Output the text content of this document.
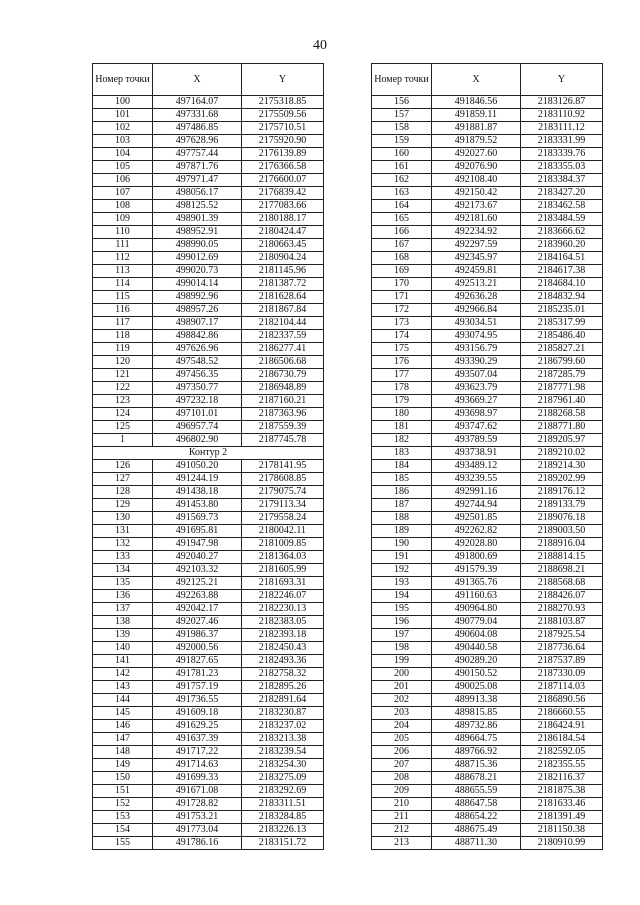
40
Номер точки	X	Y
100	497164.07	2175318.85
101	497331.68	2175509.56
102	497486.85	2175710.51
103	497628.96	2175920.90
104	497757.44	2176139.89
105	497871.76	2176366.58
106	497971.47	2176600.07
107	498056.17	2176839.42
108	498125.52	2177083.66
109	498901.39	2180188.17
110	498952.91	2180424.47
111	498990.05	2180663.45
112	499012.69	2180904.24
113	499020.73	2181145.96
114	499014.14	2181387.72
115	498992.96	2181628.64
116	498957.26	2181867.84
117	498907.17	2182104.44
118	498842.86	2182337.59
119	497626.96	2186277.41
120	497548.52	2186506.68
121	497456.35	2186730.79
122	497350.77	2186948.89
123	497232.18	2187160.21
124	497101.01	2187363.96
125	496957.74	2187559.39
1	496802.90	2187745.78
Контур 2		
126	491050.20	2178141.95
127	491244.19	2178608.85
128	491438.18	2179075.74
129	491453.80	2179113.34
130	491569.73	2179558.24
131	491695.81	2180042.11
132	491947.98	2181009.85
133	492040.27	2181364.03
134	492103.32	2181605.99
135	492125.21	2181693.31
136	492263.88	2182246.07
137	492042.17	2182230.13
138	492027.46	2182383.05
139	491986.37	2182393.18
140	492000.56	2182450.43
141	491827.65	2182493.36
142	491781.23	2182758.32
143	491757.19	2182895.26
144	491736.55	2182891.64
145	491609.18	2183230.87
146	491629.25	2183237.02
147	491637.39	2183213.38
148	491717.22	2183239.54
149	491714.63	2183254.30
150	491699.33	2183275.09
151	491671.08	2183292.69
152	491728.82	2183311.51
153	491753.21	2183284.85
154	491773.04	2183226.13
155	491786.16	2183151.72
Номер точки	X	Y
156	491846.56	2183126.87
157	491859.11	2183110.92
158	491881.87	2183111.12
159	491879.52	2183331.99
160	492027.60	2183339.76
161	492076.90	2183355.03
162	492108.40	2183384.37
163	492150.42	2183427.20
164	492173.67	2183462.58
165	492181.60	2183484.59
166	492234.92	2183666.62
167	492297.59	2183960.20
168	492345.97	2184164.51
169	492459.81	2184617.38
170	492513.21	2184684.10
171	492636.28	2184832.94
172	492966.84	2185235.01
173	493034.51	2185317.99
174	493074.95	2185486.40
175	493156.79	2185827.21
176	493390.29	2186799.60
177	493507.04	2187285.79
178	493623.79	2187771.98
179	493669.27	2187961.40
180	493698.97	2188268.58
181	493747.62	2188771.80
182	493789.59	2189205.97
183	493738.91	2189210.02
184	493489.12	2189214.30
185	493239.55	2189202.99
186	492991.16	2189176.12
187	492744.94	2189133.79
188	492501.85	2189076.18
189	492262.82	2189003.50
190	492028.80	2188916.04
191	491800.69	2188814.15
192	491579.39	2188698.21
193	491365.76	2188568.68
194	491160.63	2188426.07
195	490964.80	2188270.93
196	490779.04	2188103.87
197	490604.08	2187925.54
198	490440.58	2187736.64
199	490289.20	2187537.89
200	490150.52	2187330.09
201	490025.08	2187114.03
202	489913.38	2186890.56
203	489815.85	2186660.55
204	489732.86	2186424.91
205	489664.75	2186184.54
206	489766.92	2182592.05
207	488715.36	2182355.55
208	488678.21	2182116.37
209	488655.59	2181875.38
210	488647.58	2181633.46
211	488654.22	2181391.49
212	488675.49	2181150.38
213	488711.30	2180910.99
